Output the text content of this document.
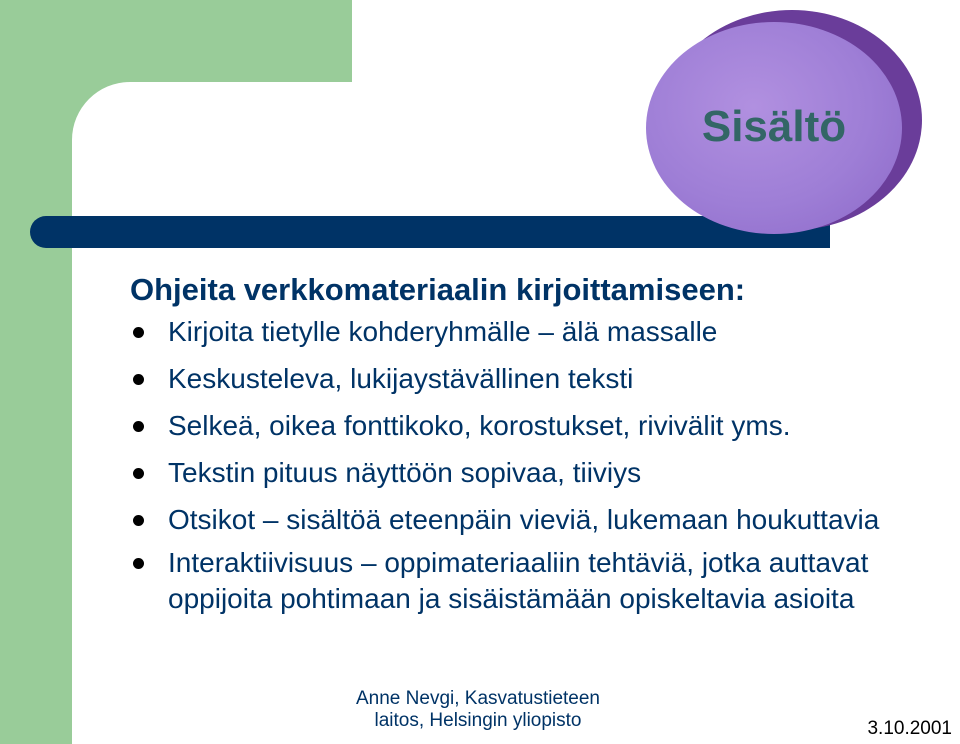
Sisältö
Ohjeita verkkomateriaalin kirjoittamiseen:
Kirjoita tietylle kohderyhmälle – älä massalle
Keskusteleva, lukijaystävällinen teksti
Selkeä, oikea fonttikoko, korostukset, rivivälit yms.
Tekstin pituus näyttöön sopivaa, tiiviys
Otsikot – sisältöä eteenpäin vieviä, lukemaan houkuttavia
Interaktiivisuus – oppimateriaaliin tehtäviä, jotka auttavat oppijoita pohtimaan ja sisäistämään opiskeltavia asioita

Anne Nevgi, Kasvatustieteen
laitos, Helsingin yliopisto	3.10.2001
